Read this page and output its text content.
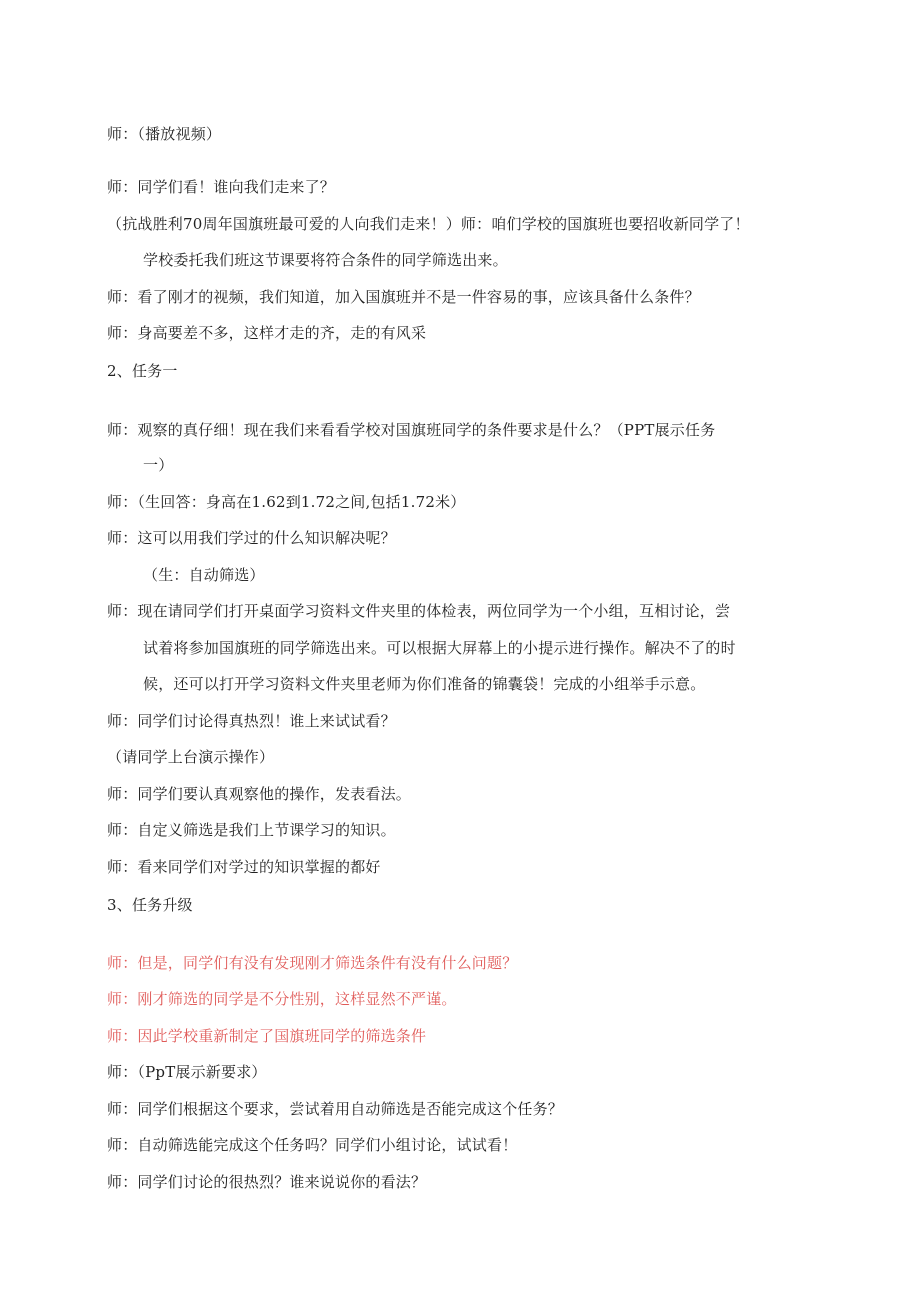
师：（播放视频）
师：同学们看！谁向我们走来了？
（抗战胜利70周年国旗班最可爱的人向我们走来！）师：咱们学校的国旗班也要招收新同学了！
学校委托我们班这节课要将符合条件的同学筛选出来。
师：看了刚才的视频，我们知道，加入国旗班并不是一件容易的事，应该具备什么条件？
师：身高要差不多，这样才走的齐，走的有风采
2、任务一
师：观察的真仔细！现在我们来看看学校对国旗班同学的条件要求是什么？（PPT展示任务
一）
师：（生回答：身高在1.62到1.72之间,包括1.72米）
师：这可以用我们学过的什么知识解决呢？
（生：自动筛选）
师：现在请同学们打开桌面学习资料文件夹里的体检表，两位同学为一个小组，互相讨论，尝
试着将参加国旗班的同学筛选出来。可以根据大屏幕上的小提示进行操作。解决不了的时
候，还可以打开学习资料文件夹里老师为你们准备的锦囊袋！完成的小组举手示意。
师：同学们讨论得真热烈！谁上来试试看？
（请同学上台演示操作）
师：同学们要认真观察他的操作，发表看法。
师：自定义筛选是我们上节课学习的知识。
师：看来同学们对学过的知识掌握的都好
3、任务升级
师：但是，同学们有没有发现刚才筛选条件有没有什么问题？
师：刚才筛选的同学是不分性别，这样显然不严谨。
师：因此学校重新制定了国旗班同学的筛选条件
师：（PpT展示新要求）
师：同学们根据这个要求，尝试着用自动筛选是否能完成这个任务？
师：自动筛选能完成这个任务吗？同学们小组讨论，试试看！
师：同学们讨论的很热烈？谁来说说你的看法？
